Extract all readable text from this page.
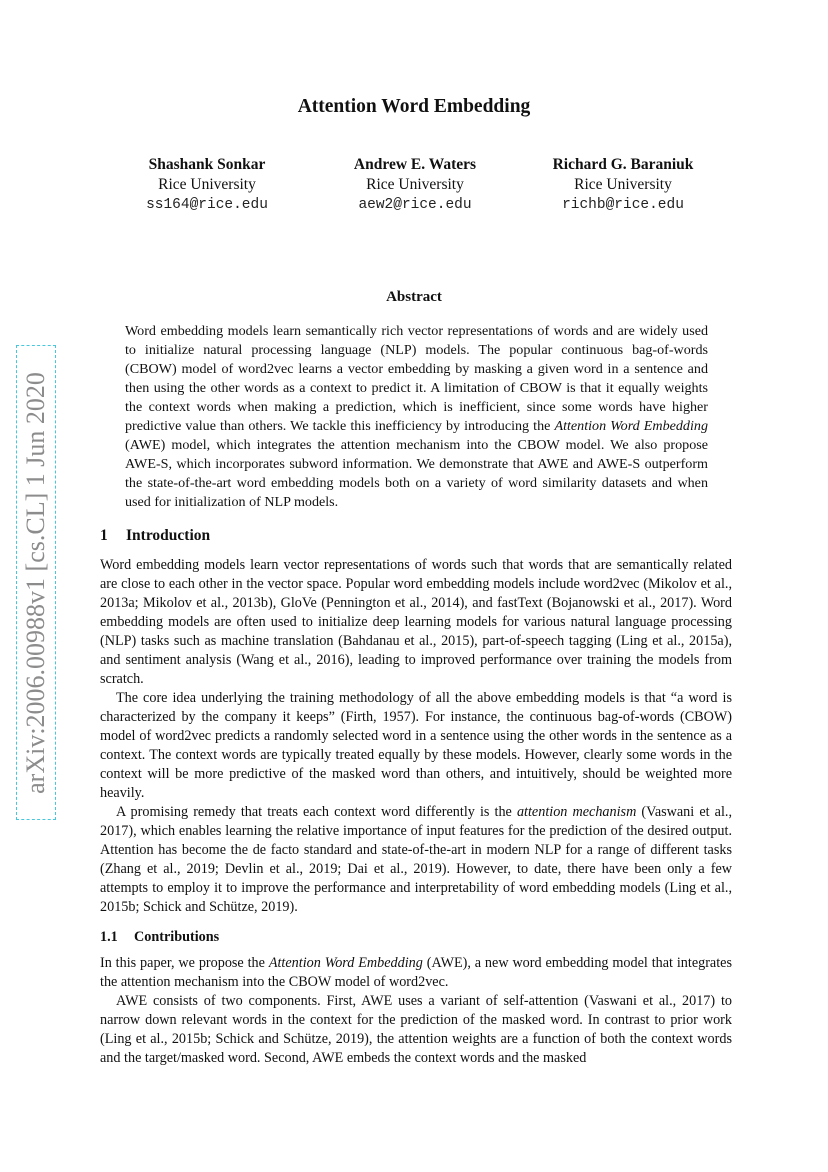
arXiv:2006.00988v1 [cs.CL] 1 Jun 2020
Attention Word Embedding
Shashank Sonkar
Rice University
ss164@rice.edu
Andrew E. Waters
Rice University
aew2@rice.edu
Richard G. Baraniuk
Rice University
richb@rice.edu
Abstract
Word embedding models learn semantically rich vector representations of words and are widely used to initialize natural processing language (NLP) models. The popular continuous bag-of-words (CBOW) model of word2vec learns a vector embedding by masking a given word in a sentence and then using the other words as a context to predict it. A limitation of CBOW is that it equally weights the context words when making a prediction, which is inefficient, since some words have higher predictive value than others. We tackle this inefficiency by introducing the Attention Word Embedding (AWE) model, which integrates the attention mechanism into the CBOW model. We also propose AWE-S, which incorporates subword information. We demonstrate that AWE and AWE-S outperform the state-of-the-art word embedding models both on a variety of word similarity datasets and when used for initialization of NLP models.
1 Introduction

Word embedding models learn vector representations of words such that words that are semantically related are close to each other in the vector space. Popular word embedding models include word2vec (Mikolov et al., 2013a; Mikolov et al., 2013b), GloVe (Pennington et al., 2014), and fastText (Bojanowski et al., 2017). Word embedding models are often used to initialize deep learning models for various natural language processing (NLP) tasks such as machine translation (Bahdanau et al., 2015), part-of-speech tagging (Ling et al., 2015a), and sentiment analysis (Wang et al., 2016), leading to improved performance over training the models from scratch.

The core idea underlying the training methodology of all the above embedding models is that “a word is characterized by the company it keeps” (Firth, 1957). For instance, the continuous bag-of-words (CBOW) model of word2vec predicts a randomly selected word in a sentence using the other words in the sentence as a context. The context words are typically treated equally by these models. However, clearly some words in the context will be more predictive of the masked word than others, and intuitively, should be weighted more heavily.

A promising remedy that treats each context word differently is the attention mechanism (Vaswani et al., 2017), which enables learning the relative importance of input features for the prediction of the desired output. Attention has become the de facto standard and state-of-the-art in modern NLP for a range of different tasks (Zhang et al., 2019; Devlin et al., 2019; Dai et al., 2019). However, to date, there have been only a few attempts to employ it to improve the performance and interpretability of word embedding models (Ling et al., 2015b; Schick and Schütze, 2019).

1.1 Contributions

In this paper, we propose the Attention Word Embedding (AWE), a new word embedding model that integrates the attention mechanism into the CBOW model of word2vec.

AWE consists of two components. First, AWE uses a variant of self-attention (Vaswani et al., 2017) to narrow down relevant words in the context for the prediction of the masked word. In contrast to prior work (Ling et al., 2015b; Schick and Schütze, 2019), the attention weights are a function of both the context words and the target/masked word. Second, AWE embeds the context words and the masked
